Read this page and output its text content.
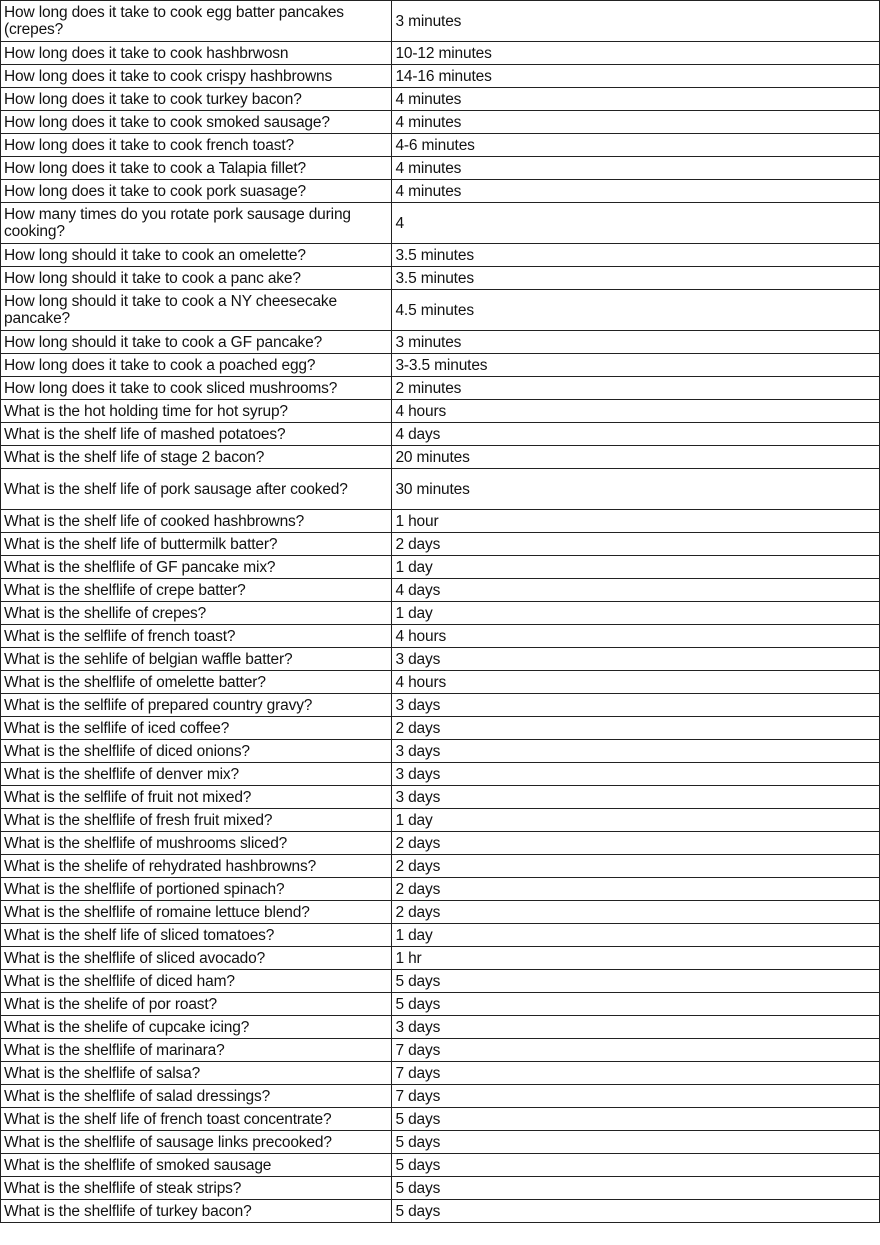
How long does it take to cook egg batter pancakes (crepes?	3 minutes
How long does it take to cook hashbrwosn	10-12 minutes
How long does it take to cook crispy hashbrowns	14-16 minutes
How long does it take to cook turkey bacon?	4 minutes
How long does it take to cook smoked sausage?	4 minutes
How long does it take to cook french toast?	4-6 minutes
How long does it take to cook a Talapia fillet?	4 minutes
How long does it take to cook pork suasage?	4 minutes
How many times do you rotate pork sausage during cooking?	4
How long should it take to cook an omelette?	3.5 minutes
How long should it take to cook a panc ake?	3.5 minutes
How long should it take to cook a NY cheesecake pancake?	4.5 minutes
How long should it take to cook a GF pancake?	3 minutes
How long does it take to cook a poached egg?	3-3.5 minutes
How long does it take to cook sliced mushrooms?	2 minutes
What is the hot holding time for hot syrup?	4 hours
What is the shelf life of mashed potatoes?	4 days
What is the shelf life of stage 2 bacon?	20 minutes
What is the shelf life of pork sausage after cooked?	30 minutes
What is the shelf life of cooked hashbrowns?	1 hour
What is the shelf life of buttermilk batter?	2 days
What is the shelflife of GF pancake mix?	1 day
What is the shelflife of crepe batter?	4 days
What is the shellife of crepes?	1 day
What is the selflife of french toast?	4 hours
What is the sehlife of belgian waffle batter?	3 days
What is the shelflife of omelette batter?	4 hours
What is the selflife of prepared country gravy?	3 days
What is the selflife of iced coffee?	2 days
What is the shelflife of diced onions?	3 days
What is the shelflife of denver mix?	3 days
What is the selflife of fruit not mixed?	3 days
What is the shelflife of fresh fruit mixed?	1 day
What is the shelflife of mushrooms sliced?	2 days
What is the shelife of rehydrated hashbrowns?	2 days
What is the shelflife of portioned spinach?	2 days
What is the shelflife of romaine lettuce blend?	2 days
What is the shelf life of sliced tomatoes?	1 day
What is the shelflife of sliced avocado?	1 hr
What is the shelflife of diced ham?	5 days
What is the shelife of por roast?	5 days
What is the shelife of cupcake icing?	3 days
What is the shelflife of marinara?	7 days
What is the shelflife of salsa?	7 days
What is the shelflife of salad dressings?	7 days
What is the shelf life of french toast concentrate?	5 days
What is the shelflife of sausage links precooked?	5 days
What is the shelflife of smoked sausage	5 days
What is the shelflife of steak strips?	5 days
What is the shelflife of turkey bacon?	5 days
